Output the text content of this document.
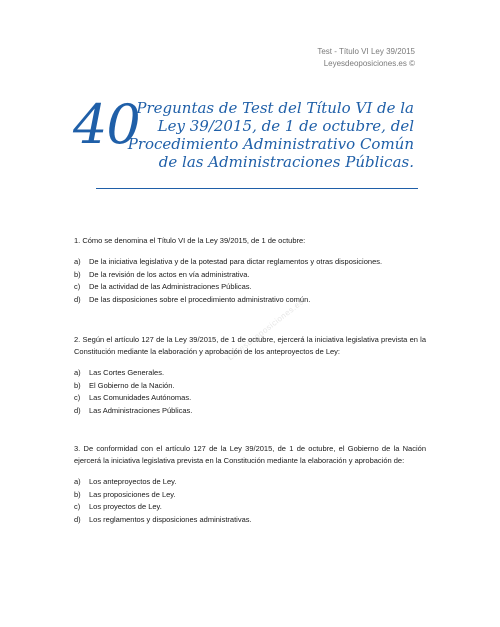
Test - Título VI Ley 39/2015
Leyesdeoposiciones.es ©
40
Preguntas de Test del Título VI de la
Ley 39/2015, de 1 de octubre, del
Procedimiento Administrativo Común
de las Administraciones Públicas.
Leyesdeoposiciones.es

1. Cómo se denomina el Título VI de la Ley 39/2015, de 1 de octubre:

a)	De la iniciativa legislativa y de la potestad para dictar reglamentos y otras disposiciones.
b)	De la revisión de los actos en vía administrativa.
c)	De la actividad de las Administraciones Públicas.
d)	De las disposiciones sobre el procedimiento administrativo común.

2. Según el artículo 127 de la Ley 39/2015, de 1 de octubre, ejercerá la iniciativa legislativa prevista en la Constitución mediante la elaboración y aprobación de los anteproyectos de Ley:

a)	Las Cortes Generales.
b)	El Gobierno de la Nación.
c)	Las Comunidades Autónomas.
d)	Las Administraciones Públicas.

3. De conformidad con el artículo 127 de la Ley 39/2015, de 1 de octubre, el Gobierno de la Nación ejercerá la iniciativa legislativa prevista en la Constitución mediante la elaboración y aprobación de:

a)	Los anteproyectos de Ley.
b)	Las proposiciones de Ley.
c)	Los proyectos de Ley.
d)	Los reglamentos y disposiciones administrativas.
